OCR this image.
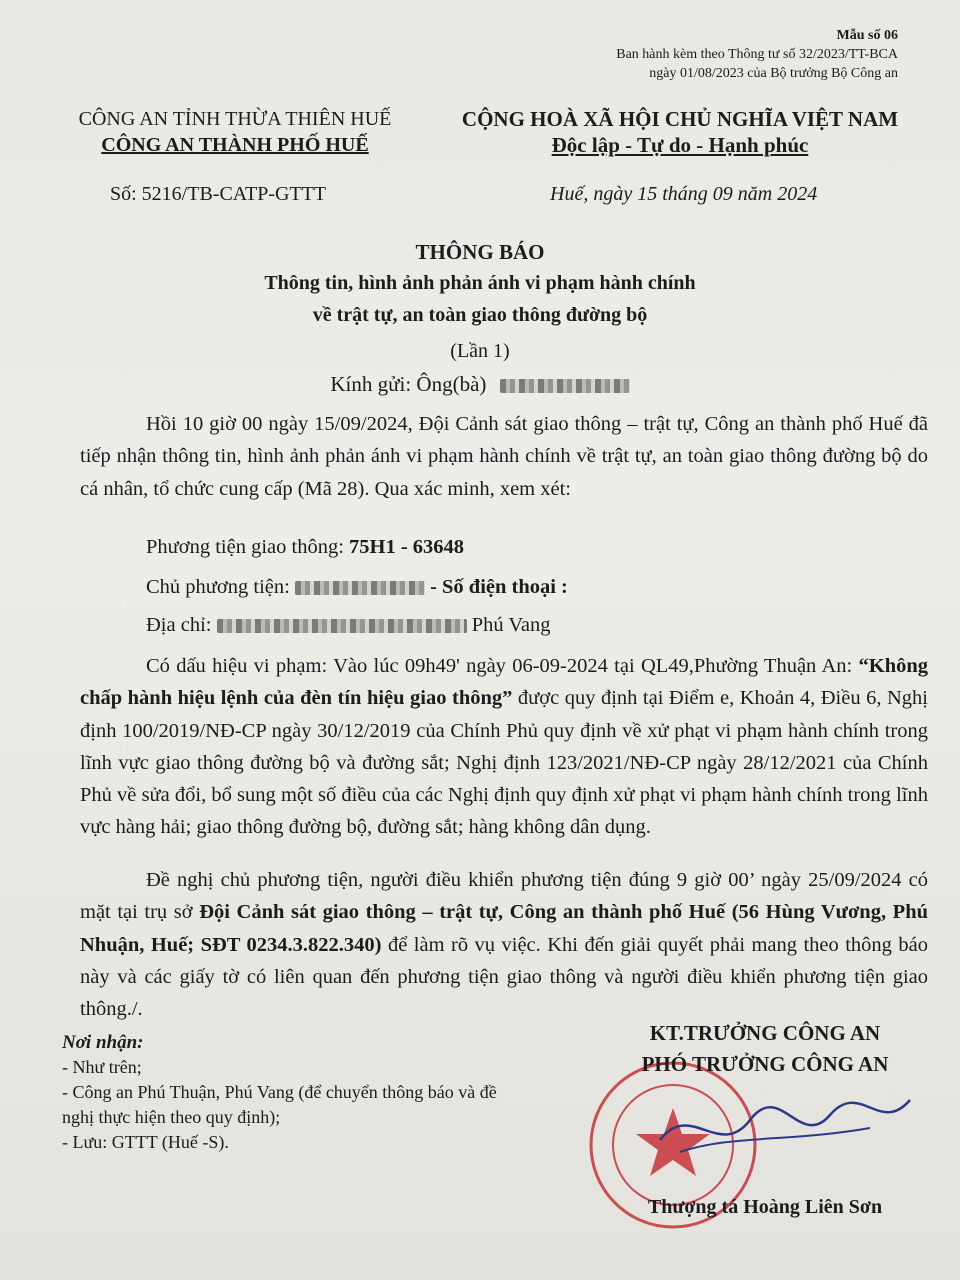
Mẫu số 06
Ban hành kèm theo Thông tư số 32/2023/TT-BCA
ngày 01/08/2023 của Bộ trưởng Bộ Công an
CÔNG AN TỈNH THỪA THIÊN HUẾ
CÔNG AN THÀNH PHỐ HUẾ
CỘNG HOÀ XÃ HỘI CHỦ NGHĨA VIỆT NAM
Độc lập - Tự do - Hạnh phúc
Số: 5216/TB-CATP-GTTT	Huế, ngày 15 tháng 09 năm 2024
THÔNG BÁO
Thông tin, hình ảnh phản ánh vi phạm hành chính
về trật tự, an toàn giao thông đường bộ
(Lần 1)
Kính gửi: Ông(bà)

Hồi 10 giờ 00 ngày 15/09/2024, Đội Cảnh sát giao thông – trật tự, Công an thành phố Huế đã tiếp nhận thông tin, hình ảnh phản ánh vi phạm hành chính về trật tự, an toàn giao thông đường bộ do cá nhân, tổ chức cung cấp (Mã 28). Qua xác minh, xem xét:

Phương tiện giao thông: 75H1 - 63648
Chủ phương tiện:	- Số điện thoại :
Địa chỉ:	Phú Vang

Có dấu hiệu vi phạm: Vào lúc 09h49' ngày 06-09-2024 tại QL49,Phường Thuận An: “Không chấp hành hiệu lệnh của đèn tín hiệu giao thông” được quy định tại Điểm e, Khoản 4, Điều 6, Nghị định 100/2019/NĐ-CP ngày 30/12/2019 của Chính Phủ quy định về xử phạt vi phạm hành chính trong lĩnh vực giao thông đường bộ và đường sắt; Nghị định 123/2021/NĐ-CP ngày 28/12/2021 của Chính Phủ về sửa đổi, bổ sung một số điều của các Nghị định quy định xử phạt vi phạm hành chính trong lĩnh vực hàng hải; giao thông đường bộ, đường sắt; hàng không dân dụng.

Đề nghị chủ phương tiện, người điều khiển phương tiện đúng 9 giờ 00’ ngày 25/09/2024 có mặt tại trụ sở Đội Cảnh sát giao thông – trật tự, Công an thành phố Huế (56 Hùng Vương, Phú Nhuận, Huế; SĐT 0234.3.822.340) để làm rõ vụ việc. Khi đến giải quyết phải mang theo thông báo này và các giấy tờ có liên quan đến phương tiện giao thông và người điều khiển phương tiện giao thông./.

Nơi nhận:
- Như trên;
- Công an Phú Thuận, Phú Vang (để chuyển thông báo và đề nghị thực hiện theo quy định);
- Lưu: GTTT (Huế -S).
KT.TRƯỞNG CÔNG AN
PHÓ TRƯỞNG CÔNG AN
Thượng tá Hoàng Liên Sơn
